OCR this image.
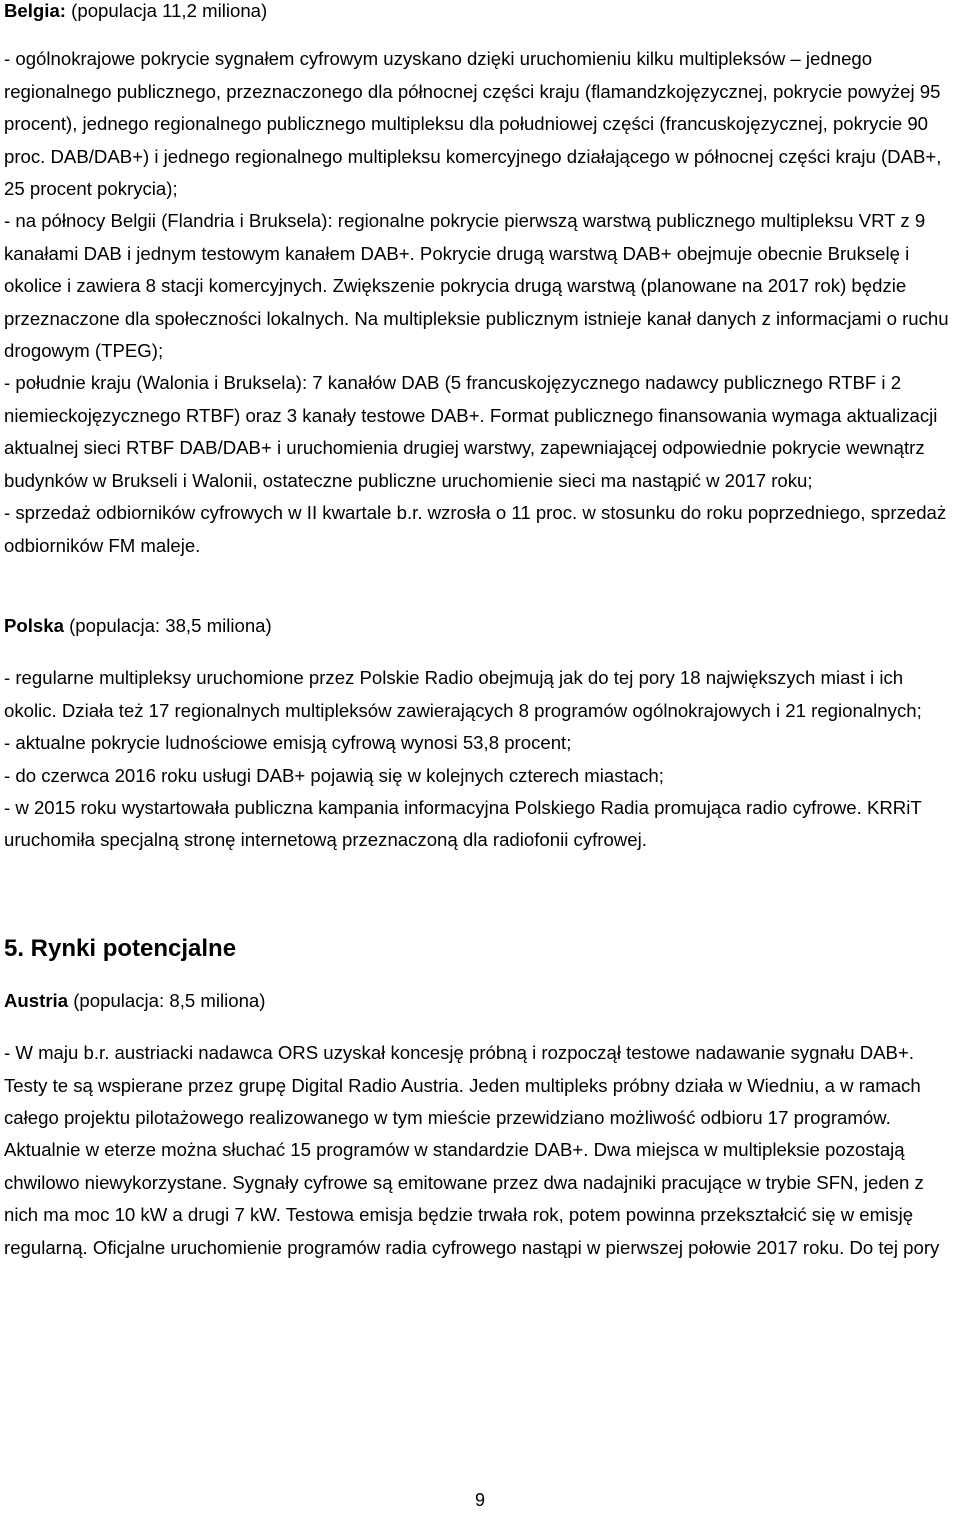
Belgia: (populacja 11,2 miliona)

- ogólnokrajowe pokrycie sygnałem cyfrowym uzyskano dzięki uruchomieniu kilku multipleksów – jednego regionalnego publicznego, przeznaczonego dla północnej części kraju (flamandzkojęzycznej, pokrycie powyżej 95 procent), jednego regionalnego publicznego multipleksu dla południowej części (francuskojęzycznej, pokrycie 90 proc. DAB/DAB+) i jednego regionalnego multipleksu komercyjnego działającego w północnej części kraju (DAB+, 25 procent pokrycia);

- na północy Belgii (Flandria i Bruksela): regionalne pokrycie pierwszą warstwą publicznego multipleksu VRT z 9 kanałami DAB i jednym testowym kanałem DAB+. Pokrycie drugą warstwą DAB+ obejmuje obecnie Brukselę i okolice i zawiera 8 stacji komercyjnych. Zwiększenie pokrycia drugą warstwą (planowane na 2017 rok) będzie przeznaczone dla społeczności lokalnych. Na multipleksie publicznym istnieje kanał danych z informacjami o ruchu drogowym (TPEG);

- południe kraju (Walonia i Bruksela): 7 kanałów DAB (5 francuskojęzycznego nadawcy publicznego RTBF i 2 niemieckojęzycznego RTBF) oraz 3 kanały testowe DAB+. Format publicznego finansowania wymaga aktualizacji aktualnej sieci RTBF DAB/DAB+ i uruchomienia drugiej warstwy, zapewniającej odpowiednie pokrycie wewnątrz budynków w Brukseli i Walonii, ostateczne publiczne uruchomienie sieci ma nastąpić w 2017 roku;

- sprzedaż odbiorników cyfrowych w II kwartale b.r. wzrosła o 11 proc. w stosunku do roku poprzedniego, sprzedaż odbiorników FM maleje.

Polska (populacja: 38,5 miliona)

- regularne multipleksy uruchomione przez Polskie Radio obejmują jak do tej pory 18 największych miast i ich okolic. Działa też 17 regionalnych multipleksów zawierających 8 programów ogólnokrajowych i 21 regionalnych;

- aktualne pokrycie ludnościowe emisją cyfrową wynosi 53,8 procent;

- do czerwca 2016 roku usługi DAB+ pojawią się w kolejnych czterech miastach;

- w 2015 roku wystartowała publiczna kampania informacyjna Polskiego Radia promująca radio cyfrowe. KRRiT uruchomiła specjalną stronę internetową przeznaczoną dla radiofonii cyfrowej.

5. Rynki potencjalne

Austria (populacja: 8,5 miliona)

- W maju b.r. austriacki nadawca ORS uzyskał koncesję próbną i rozpoczął testowe nadawanie sygnału DAB+. Testy te są wspierane przez grupę Digital Radio Austria. Jeden multipleks próbny działa w Wiedniu, a w ramach całego projektu pilotażowego realizowanego w tym mieście przewidziano możliwość odbioru 17 programów. Aktualnie w eterze można słuchać 15 programów w standardzie DAB+. Dwa miejsca w multipleksie pozostają chwilowo niewykorzystane. Sygnały cyfrowe są emitowane przez dwa nadajniki pracujące w trybie SFN, jeden z nich ma moc 10 kW a drugi 7 kW. Testowa emisja będzie trwała rok, potem powinna przekształcić się w emisję regularną. Oficjalne uruchomienie programów radia cyfrowego nastąpi w pierwszej połowie 2017 roku. Do tej pory

9
